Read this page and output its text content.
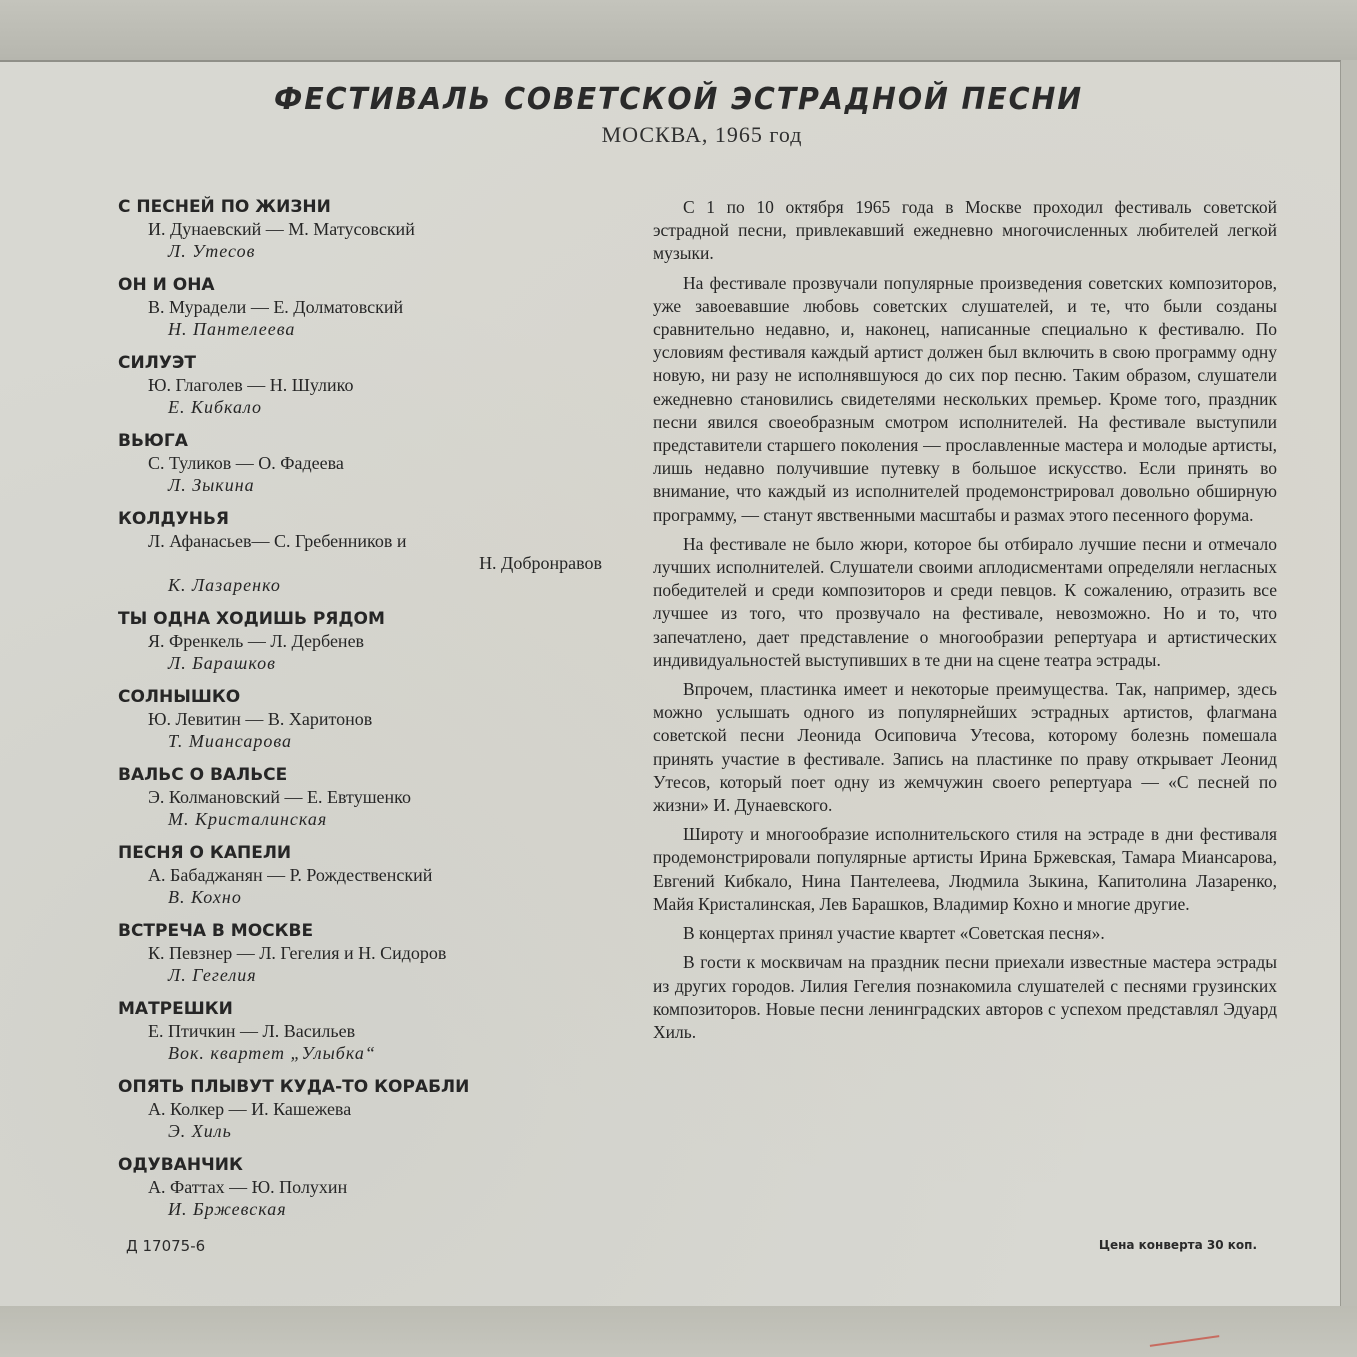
ФЕСТИВАЛЬ СОВЕТСКОЙ ЭСТРАДНОЙ ПЕСНИ
МОСКВА, 1965 год
С ПЕСНЕЙ ПО ЖИЗНИ
И. Дунаевский — М. Матусовский
Л. Утесов
ОН И ОНА
В. Мурадели — Е. Долматовский
Н. Пантелеева
СИЛУЭТ
Ю. Глаголев — Н. Шулико
Е. Кибкало
ВЬЮГА
С. Туликов — О. Фадеева
Л. Зыкина
КОЛДУНЬЯ
Л. Афанасьев— С. Гребенников и
Н. Добронравов
К. Лазаренко
ТЫ ОДНА ХОДИШЬ РЯДОМ
Я. Френкель — Л. Дербенев
Л. Барашков
СОЛНЫШКО
Ю. Левитин — В. Харитонов
Т. Миансарова
ВАЛЬС О ВАЛЬСЕ
Э. Колмановский — Е. Евтушенко
М. Кристалинская
ПЕСНЯ О КАПЕЛИ
А. Бабаджанян — Р. Рождественский
В. Кохно
ВСТРЕЧА В МОСКВЕ
К. Певзнер — Л. Гегелия и Н. Сидоров
Л. Гегелия
МАТРЕШКИ
Е. Птичкин — Л. Васильев
Вок. квартет „Улыбка“
ОПЯТЬ ПЛЫВУТ КУДА-ТО КОРАБЛИ
А. Колкер — И. Кашежева
Э. Хиль
ОДУВАНЧИК
А. Фаттах — Ю. Полухин
И. Бржевская

С 1 по 10 октября 1965 года в Москве проходил фестиваль советской эстрадной песни, привлекавший ежедневно многочисленных любителей легкой музыки.

На фестивале прозвучали популярные произведения советских композиторов, уже завоевавшие любовь советских слушателей, и те, что были созданы сравнительно недавно, и, наконец, написанные специально к фестивалю. По условиям фестиваля каждый артист должен был включить в свою программу одну новую, ни разу не исполнявшуюся до сих пор песню. Таким образом, слушатели ежедневно становились свидетелями нескольких премьер. Кроме того, праздник песни явился своеобразным смотром исполнителей. На фестивале выступили представители старшего поколения — прославленные мастера и молодые артисты, лишь недавно получившие путевку в большое искусство. Если принять во внимание, что каждый из исполнителей продемонстрировал довольно обширную программу, — станут явственными масштабы и размах этого песенного форума.

На фестивале не было жюри, которое бы отбирало лучшие песни и отмечало лучших исполнителей. Слушатели своими аплодисментами определяли негласных победителей и среди композиторов и среди певцов. К сожалению, отразить все лучшее из того, что прозвучало на фестивале, невозможно. Но и то, что запечатлено, дает представление о многообразии репертуара и артистических индивидуальностей выступивших в те дни на сцене театра эстрады.

Впрочем, пластинка имеет и некоторые преимущества. Так, например, здесь можно услышать одного из популярнейших эстрадных артистов, флагмана советской песни Леонида Осиповича Утесова, которому болезнь помешала принять участие в фестивале. Запись на пластинке по праву открывает Леонид Утесов, который поет одну из жемчужин своего репертуара — «С песней по жизни» И. Дунаевского.

Широту и многообразие исполнительского стиля на эстраде в дни фестиваля продемонстрировали популярные артисты Ирина Бржевская, Тамара Миансарова, Евгений Кибкало, Нина Пантелеева, Людмила Зыкина, Капитолина Лазаренко, Майя Кристалинская, Лев Барашков, Владимир Кохно и многие другие.

В концертах принял участие квартет «Советская песня».

В гости к москвичам на праздник песни приехали известные мастера эстрады из других городов. Лилия Гегелия познакомила слушателей с песнями грузинских композиторов. Новые песни ленинградских авторов с успехом представлял Эдуард Хиль.

Д 17075-6	Цена конверта 30 коп.
